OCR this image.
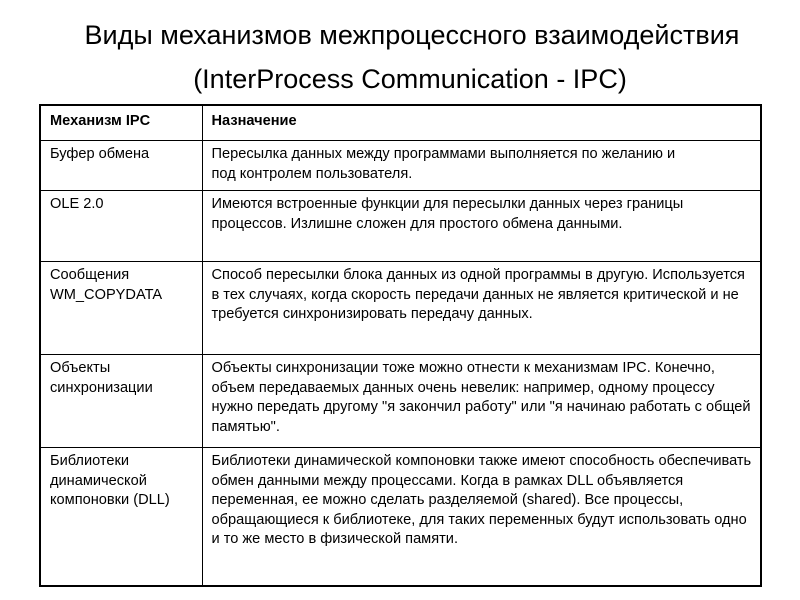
Виды механизмов межпроцессного взаимодействия
(InterProcess Communication - IPC)
Механизм IPC	Назначение

Буфер обмена	Пересылка данных между программами выполняется по желанию и под контролем пользователя.

OLE 2.0	Имеются встроенные функции для пересылки данных через границы процессов. Излишне сложен для простого обмена данными.

Сообщения WM_COPYDATA	Способ пересылки блока данных из одной программы в другую. Используется в тех случаях, когда скорость передачи данных не является критической и не требуется синхронизировать передачу данных.

Объекты синхронизации	Объекты синхронизации тоже можно отнести к механизмам IPC. Конечно, объем передаваемых данных очень невелик: например, одному процессу нужно передать другому "я закончил работу" или "я начинаю работать с общей памятью".

Библиотеки динамической компоновки (DLL)	Библиотеки динамической компоновки также имеют способность обеспечивать обмен данными между процессами. Когда в рамках DLL объявляется переменная, ее можно сделать разделяемой (shared). Все процессы, обращающиеся к библиотеке, для таких переменных будут использовать одно и то же место в физической памяти.
